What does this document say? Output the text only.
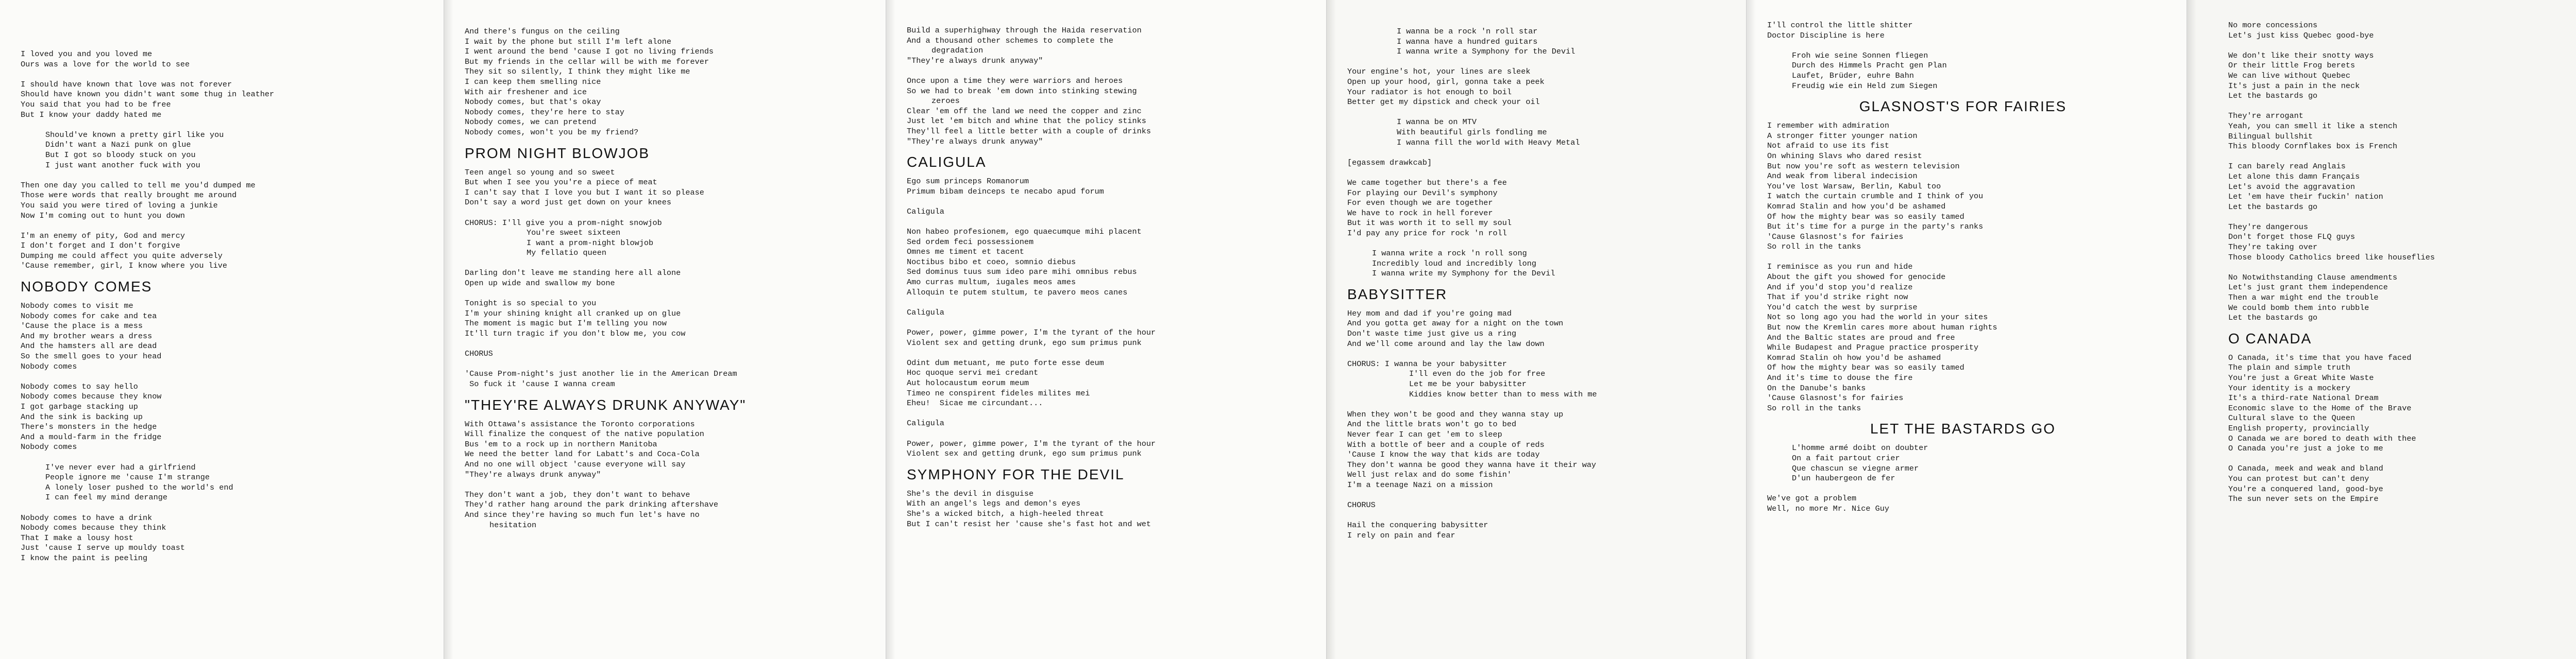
I loved you and you loved me
Ours was a love for the world to see
I should have known that love was not forever
Should have known you didn't want some thug in leather
You said that you had to be free
But I know your daddy hated me
Should've known a pretty girl like you
Didn't want a Nazi punk on glue
But I got so bloody stuck on you
I just want another fuck with you
Then one day you called to tell me you'd dumped me
Those were words that really brought me around
You said you were tired of loving a junkie
Now I'm coming out to hunt you down
I'm an enemy of pity, God and mercy
I don't forget and I don't forgive
Dumping me could affect you quite adversely
'Cause remember, girl, I know where you live
NOBODY COMES
Nobody comes to visit me
Nobody comes for cake and tea
'Cause the place is a mess
And my brother wears a dress
And the hamsters all are dead
So the smell goes to your head
Nobody comes
Nobody comes to say hello
Nobody comes because they know
I got garbage stacking up
And the sink is backing up
There's monsters in the hedge
And a mould-farm in the fridge
Nobody comes
I've never ever had a girlfriend
People ignore me 'cause I'm strange
A lonely loser pushed to the world's end
I can feel my mind derange
Nobody comes to have a drink
Nobody comes because they think
That I make a lousy host
Just 'cause I serve up mouldy toast
I know the paint is peeling
And there's fungus on the ceiling
I wait by the phone but still I'm left alone
I went around the bend 'cause I got no living friends
But my friends in the cellar will be with me forever
They sit so silently, I think they might like me
I can keep them smelling nice
With air freshener and ice
Nobody comes, but that's okay
Nobody comes, they're here to stay
Nobody comes, we can pretend
Nobody comes, won't you be my friend?
PROM NIGHT BLOWJOB
Teen angel so young and so sweet
But when I see you you're a piece of meat
I can't say that I love you but I want it so please
Don't say a word just get down on your knees
CHORUS: I'll give you a prom-night snowjob
You're sweet sixteen
I want a prom-night blowjob
My fellatio queen
Darling don't leave me standing here all alone
Open up wide and swallow my bone
Tonight is so special to you
I'm your shining knight all cranked up on glue
The moment is magic but I'm telling you now
It'll turn tragic if you don't blow me, you cow
CHORUS
'Cause Prom-night's just another lie in the American Dream
So fuck it 'cause I wanna cream
"THEY'RE ALWAYS DRUNK ANYWAY"
With Ottawa's assistance the Toronto corporations
Will finalize the conquest of the native population
Bus 'em to a rock up in northern Manitoba
We need the better land for Labatt's and Coca-Cola
And no one will object 'cause everyone will say
"They're always drunk anyway"
They don't want a job, they don't want to behave
They'd rather hang around the park drinking aftershave
And since they're having so much fun let's have no
hesitation
Build a superhighway through the Haida reservation
And a thousand other schemes to complete the
degradation
"They're always drunk anyway"
Once upon a time they were warriors and heroes
So we had to break 'em down into stinking stewing
zeroes
Clear 'em off the land we need the copper and zinc
Just let 'em bitch and whine that the policy stinks
They'll feel a little better with a couple of drinks
"They're always drunk anyway"
CALIGULA
Ego sum princeps Romanorum
Primum bibam deinceps te necabo apud forum
Caligula
Non habeo profesionem, ego quaecumque mihi placent
Sed ordem feci possessionem
Omnes me timent et tacent
Noctibus bibo et coeo, somnio diebus
Sed dominus tuus sum ideo pare mihi omnibus rebus
Amo curras multum, iugales meos ames
Alloquin te putem stultum, te pavero meos canes
Caligula
Power, power, gimme power, I'm the tyrant of the hour
Violent sex and getting drunk, ego sum primus punk
Odint dum metuant, me puto forte esse deum
Hoc quoque servi mei credant
Aut holocaustum eorum meum
Timeo ne conspirent fideles milites mei
Eheu!  Sicae me circundant...
Caligula
Power, power, gimme power, I'm the tyrant of the hour
Violent sex and getting drunk, ego sum primus punk
SYMPHONY FOR THE DEVIL
She's the devil in disguise
With an angel's legs and demon's eyes
She's a wicked bitch, a high-heeled threat
But I can't resist her 'cause she's fast hot and wet
I wanna be a rock 'n roll star
I wanna have a hundred guitars
I wanna write a Symphony for the Devil
Your engine's hot, your lines are sleek
Open up your hood, girl, gonna take a peek
Your radiator is hot enough to boil
Better get my dipstick and check your oil
I wanna be on MTV
With beautiful girls fondling me
I wanna fill the world with Heavy Metal
[egassem drawkcab]
We came together but there's a fee
For playing our Devil's symphony
For even though we are together
We have to rock in hell forever
But it was worth it to sell my soul
I'd pay any price for rock 'n roll
I wanna write a rock 'n roll song
Incredibly loud and incredibly long
I wanna write my Symphony for the Devil
BABYSITTER
Hey mom and dad if you're going mad
And you gotta get away for a night on the town
Don't waste time just give us a ring
And we'll come around and lay the law down
CHORUS: I wanna be your babysitter
I'll even do the job for free
Let me be your babysitter
Kiddies know better than to mess with me
When they won't be good and they wanna stay up
And the little brats won't go to bed
Never fear I can get 'em to sleep
With a bottle of beer and a couple of reds
'Cause I know the way that kids are today
They don't wanna be good they wanna have it their way
Well just relax and do some fishin'
I'm a teenage Nazi on a mission
CHORUS
Hail the conquering babysitter
I rely on pain and fear
I'll control the little shitter
Doctor Discipline is here
Froh wie seine Sonnen fliegen
Durch des Himmels Pracht gen Plan
Laufet, Brüder, euhre Bahn
Freudig wie ein Held zum Siegen
GLASNOST'S FOR FAIRIES
I remember with admiration
A stronger fitter younger nation
Not afraid to use its fist
On whining Slavs who dared resist
But now you're soft as western television
And weak from liberal indecision
You've lost Warsaw, Berlin, Kabul too
I watch the curtain crumble and I think of you
Komrad Stalin and how you'd be ashamed
Of how the mighty bear was so easily tamed
But it's time for a purge in the party's ranks
'Cause Glasnost's for fairies
So roll in the tanks
I reminisce as you run and hide
About the gift you showed for genocide
And if you'd stop you'd realize
That if you'd strike right now
You'd catch the west by surprise
Not so long ago you had the world in your sites
But now the Kremlin cares more about human rights
And the Baltic states are proud and free
While Budapest and Prague practice prosperity
Komrad Stalin oh how you'd be ashamed
Of how the mighty bear was so easily tamed
And it's time to douse the fire
On the Danube's banks
'Cause Glasnost's for fairies
So roll in the tanks
LET THE BASTARDS GO
L'homme armé doibt on doubter
On a fait partout crier
Que chascun se viegne armer
D'un haubergeon de fer
We've got a problem
Well, no more Mr. Nice Guy
No more concessions
Let's just kiss Quebec good-bye
We don't like their snotty ways
Or their little Frog berets
We can live without Quebec
It's just a pain in the neck
Let the bastards go
They're arrogant
Yeah, you can smell it like a stench
Bilingual bullshit
This bloody Cornflakes box is French
I can barely read Anglais
Let alone this damn Français
Let's avoid the aggravation
Let 'em have their fuckin' nation
Let the bastards go
They're dangerous
Don't forget those FLQ guys
They're taking over
Those bloody Catholics breed like houseflies
No Notwithstanding Clause amendments
Let's just grant them independence
Then a war might end the trouble
We could bomb them into rubble
Let the bastards go
O CANADA
O Canada, it's time that you have faced
The plain and simple truth
You're just a Great White Waste
Your identity is a mockery
It's a third-rate National Dream
Economic slave to the Home of the Brave
Cultural slave to the Queen
English property, provincially
O Canada we are bored to death with thee
O Canada you're just a joke to me
O Canada, meek and weak and bland
You can protest but can't deny
You're a conquered land, good-bye
The sun never sets on the Empire
